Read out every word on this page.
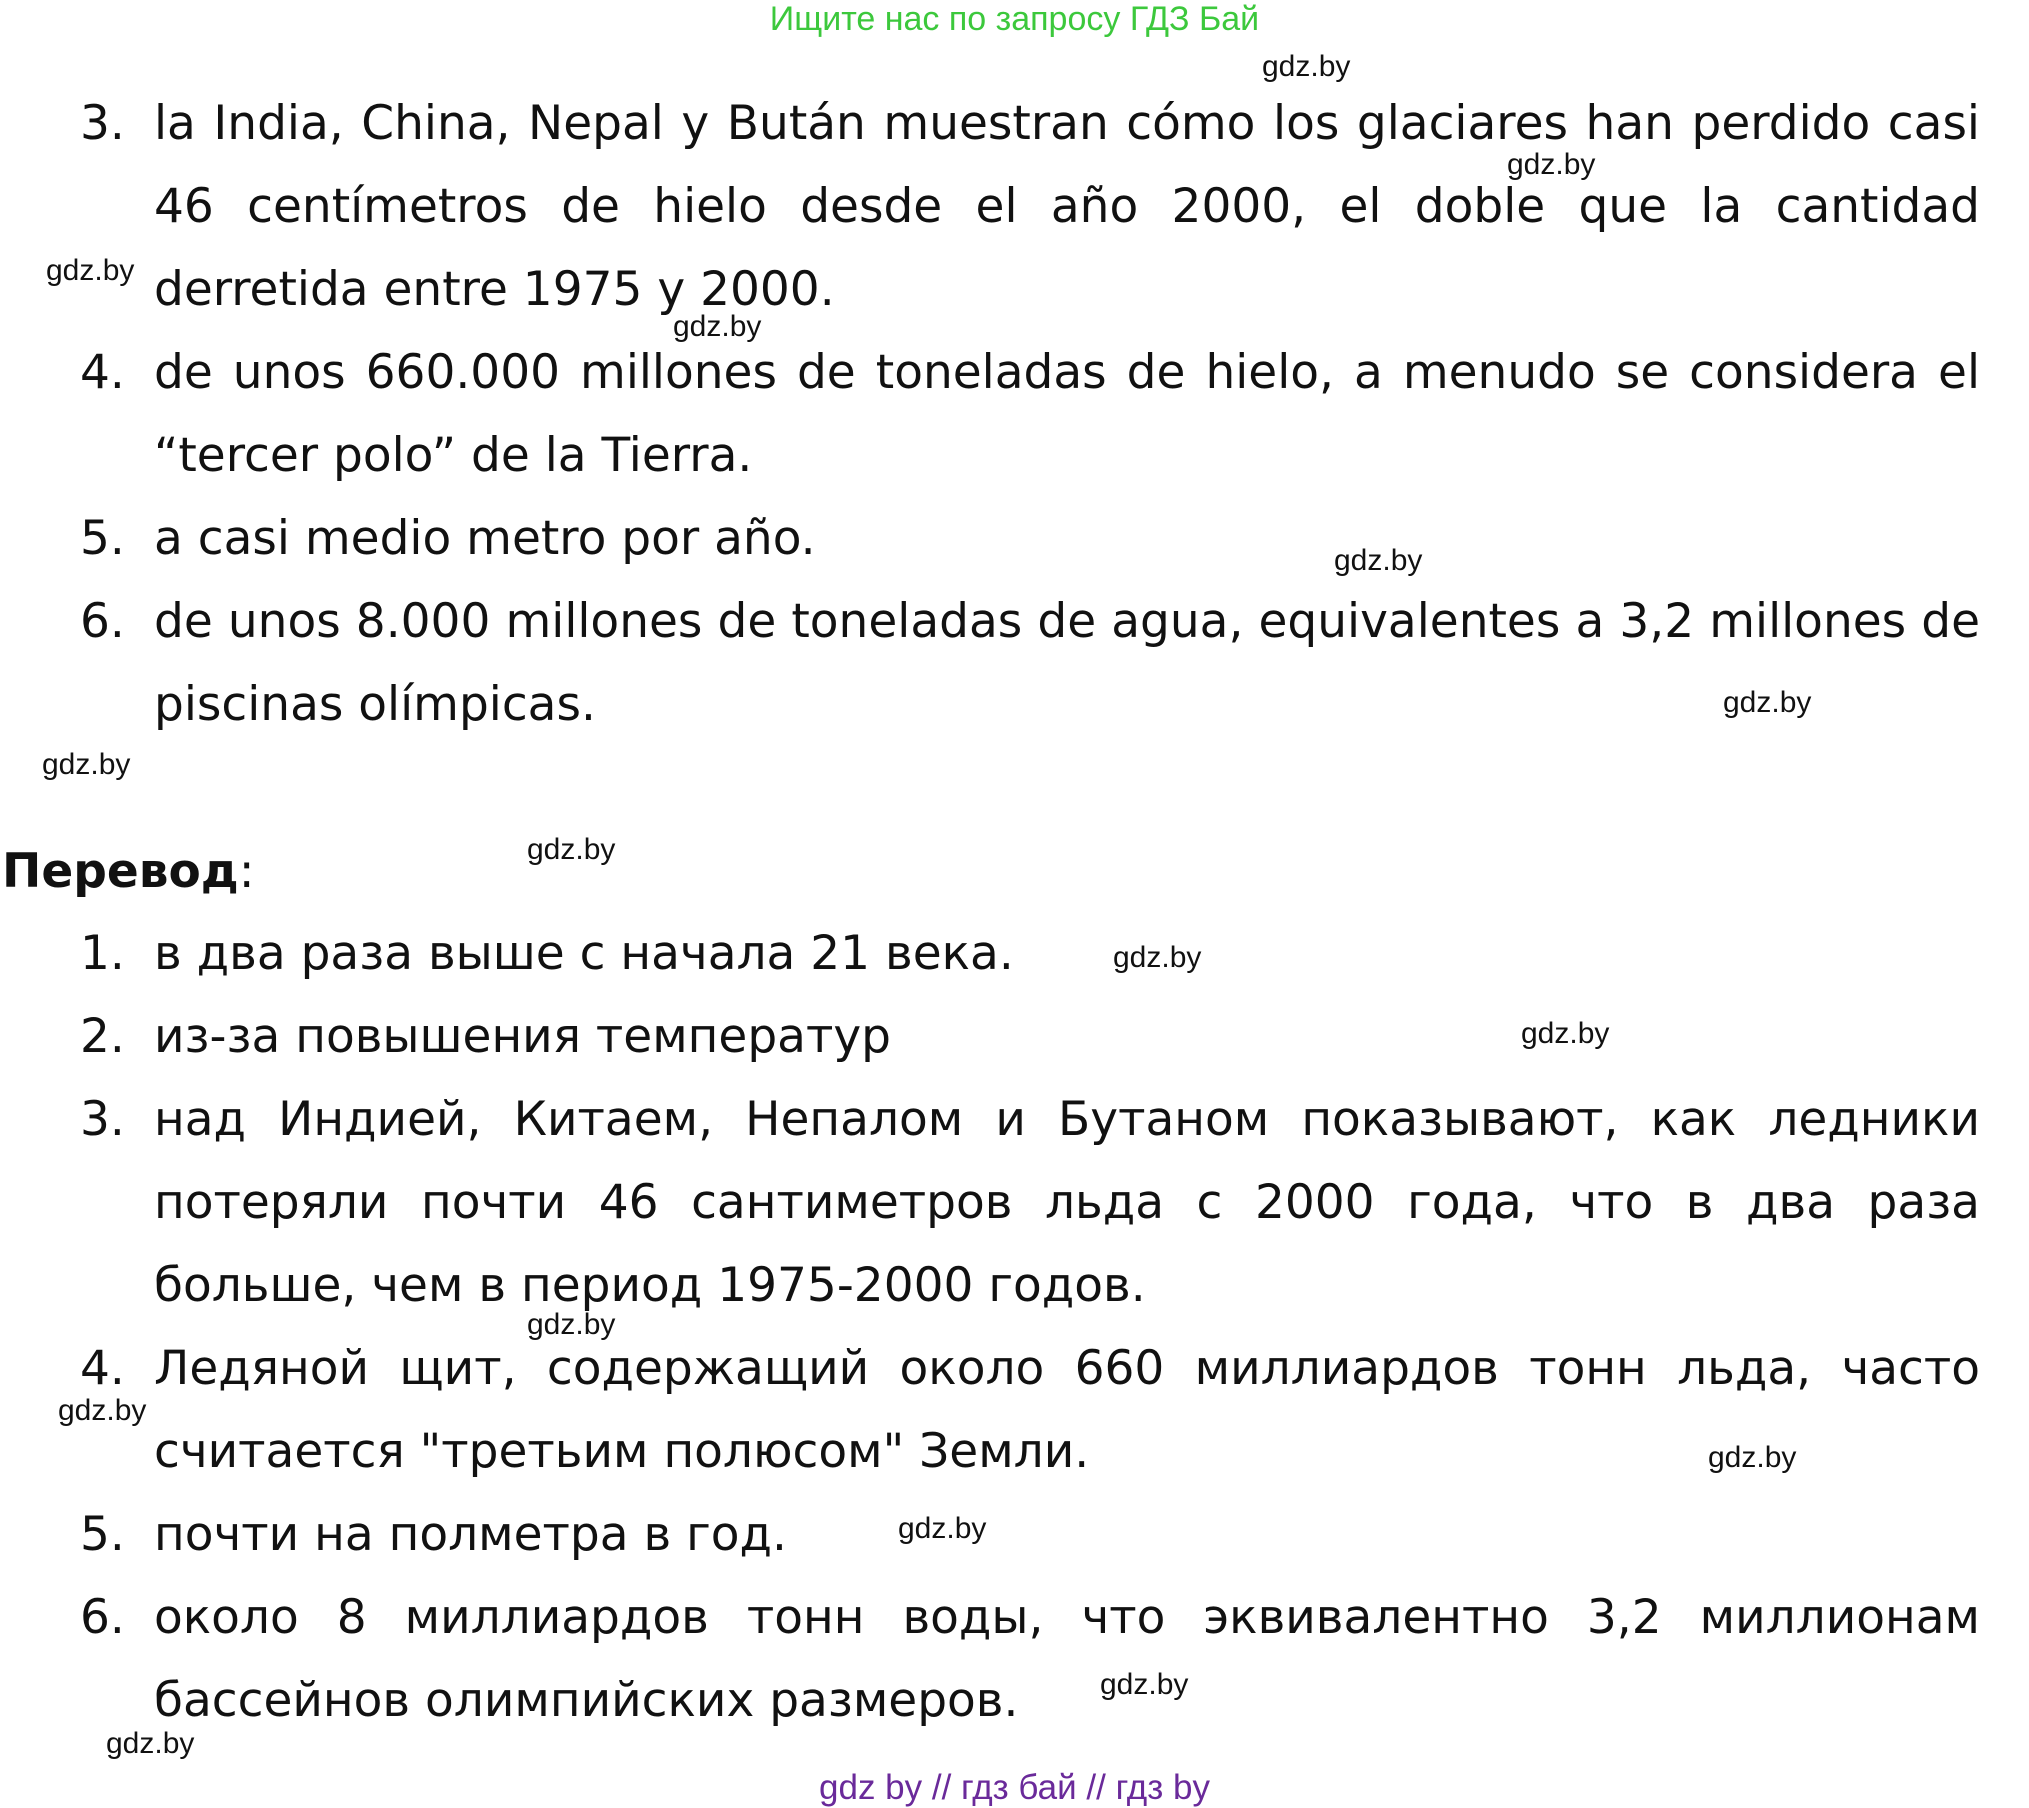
Ищите нас по запросу ГДЗ Бай
3. la India, China, Nepal y Bután muestran cómo los glaciares han perdido casi 46 centímetros de hielo desde el año 2000, el doble que la cantidad derretida entre 1975 y 2000.
4. de unos 660.000 millones de toneladas de hielo, a menudo se considera el “tercer polo” de la Tierra.
5. a casi medio metro por año.
6. de unos 8.000 millones de toneladas de agua, equivalentes a 3,2 millones de piscinas olímpicas.
Перевод:
1. в два раза выше с начала 21 века.
2. из-за повышения температур
3. над Индией, Китаем, Непалом и Бутаном показывают, как ледники потеряли почти 46 сантиметров льда с 2000 года, что в два раза больше, чем в период 1975-2000 годов.
4. Ледяной щит, содержащий около 660 миллиардов тонн льда, часто считается "третьим полюсом" Земли.
5. почти на полметра в год.
6. около 8 миллиардов тонн воды, что эквивалентно 3,2 миллионам бассейнов олимпийских размеров.
gdz.by
gdz.by
gdz.by
gdz.by
gdz.by
gdz.by
gdz.by
gdz.by
gdz.by
gdz.by
gdz.by
gdz.by
gdz.by
gdz.by
gdz.by
gdz.by
gdz by // гдз бай // гдз by
